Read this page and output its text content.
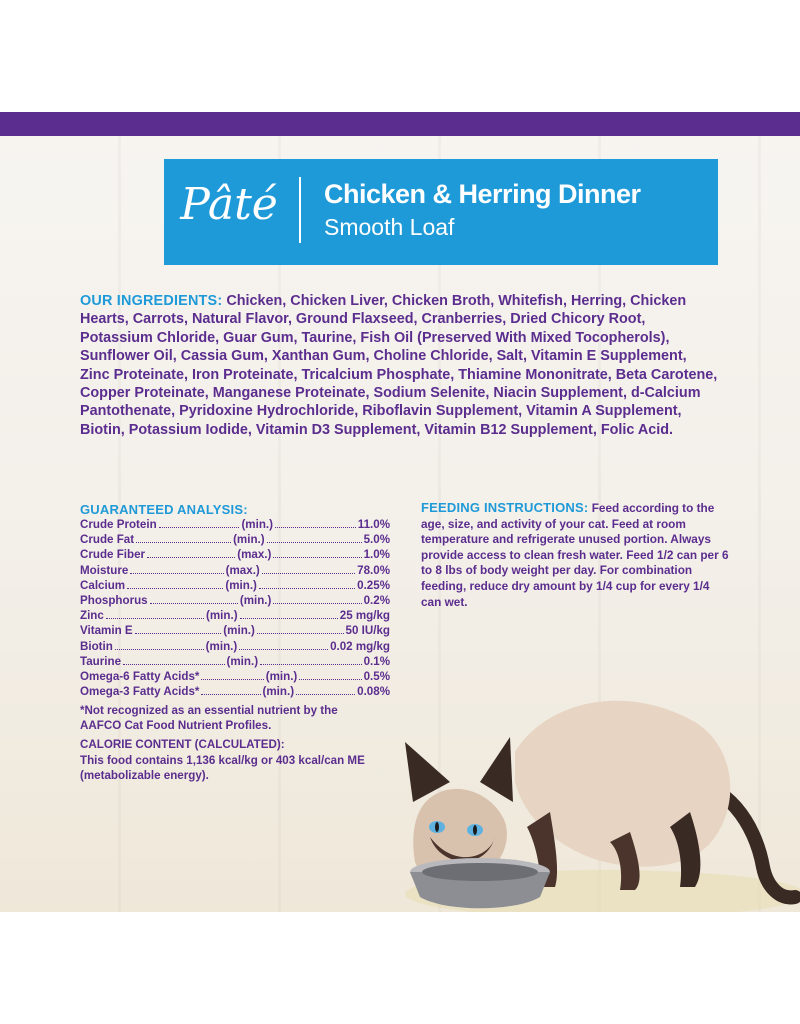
Pâté Chicken & Herring Dinner
Smooth Loaf
OUR INGREDIENTS: Chicken, Chicken Liver, Chicken Broth, Whitefish, Herring, Chicken Hearts, Carrots, Natural Flavor, Ground Flaxseed, Cranberries, Dried Chicory Root, Potassium Chloride, Guar Gum, Taurine, Fish Oil (Preserved With Mixed Tocopherols), Sunflower Oil, Cassia Gum, Xanthan Gum, Choline Chloride, Salt, Vitamin E Supplement, Zinc Proteinate, Iron Proteinate, Tricalcium Phosphate, Thiamine Mononitrate, Beta Carotene, Copper Proteinate, Manganese Proteinate, Sodium Selenite, Niacin Supplement, d-Calcium Pantothenate, Pyridoxine Hydrochloride, Riboflavin Supplement, Vitamin A Supplement, Biotin, Potassium Iodide, Vitamin D3 Supplement, Vitamin B12 Supplement, Folic Acid.
GUARANTEED ANALYSIS:
Crude Protein	(min.)	11.0%
Crude Fat	(min.)	5.0%
Crude Fiber	(max.)	1.0%
Moisture	(max.)	78.0%
Calcium	(min.)	0.25%
Phosphorus	(min.)	0.2%
Zinc	(min.)	25 mg/kg
Vitamin E	(min.)	50 IU/kg
Biotin	(min.)	0.02 mg/kg
Taurine	(min.)	0.1%
Omega-6 Fatty Acids*	(min.)	0.5%
Omega-3 Fatty Acids*	(min.)	0.08%
*Not recognized as an essential nutrient by the AAFCO Cat Food Nutrient Profiles.
CALORIE CONTENT (CALCULATED):
This food contains 1,136 kcal/kg or 403 kcal/can ME (metabolizable energy).
FEEDING INSTRUCTIONS: Feed according to the age, size, and activity of your cat. Feed at room temperature and refrigerate unused portion. Always provide access to clean fresh water. Feed 1/2 can per 6 to 8 lbs of body weight per day. For combination feeding, reduce dry amount by 1/4 cup for every 1/4 can wet.
